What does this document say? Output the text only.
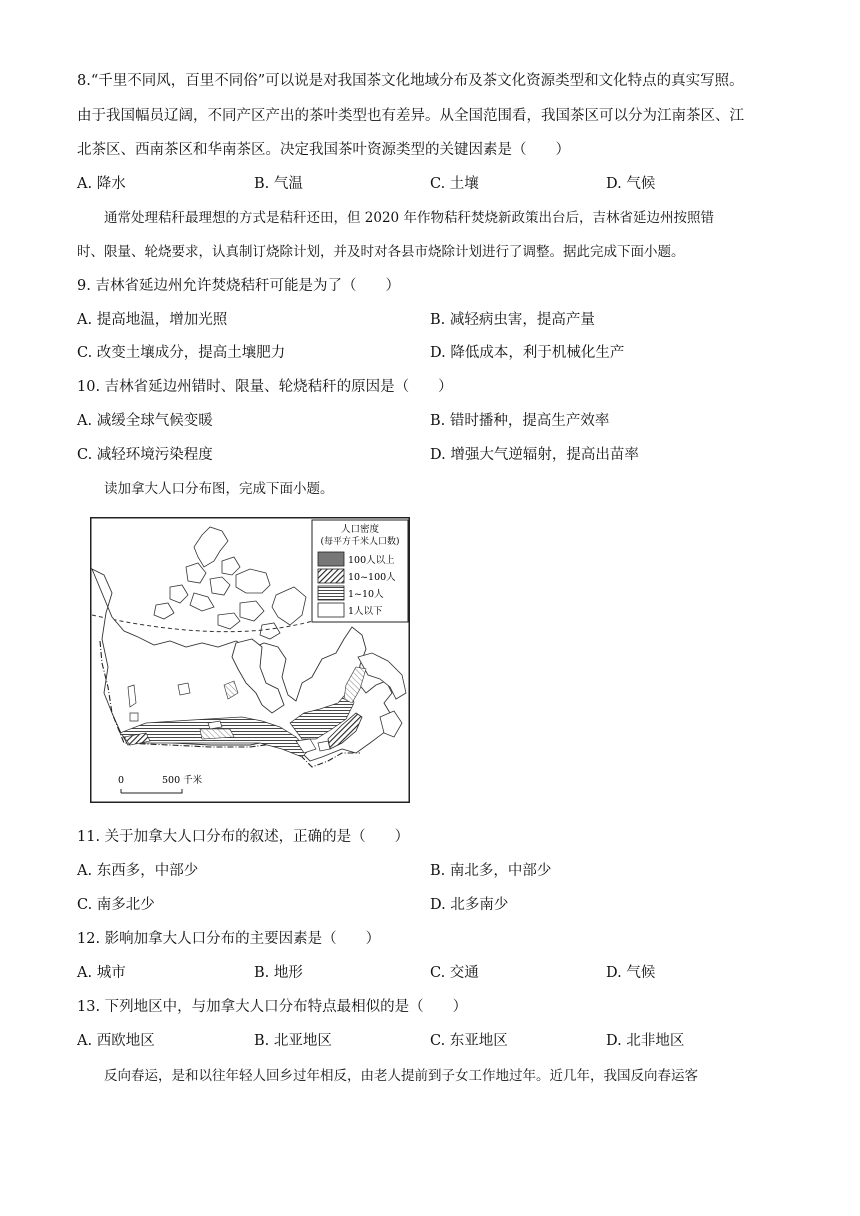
8.“千里不同风，百里不同俗”可以说是对我国茶文化地域分布及茶文化资源类型和文化特点的真实写照。
由于我国幅员辽阔，不同产区产出的茶叶类型也有差异。从全国范围看，我国茶区可以分为江南茶区、江
北茶区、西南茶区和华南茶区。决定我国茶叶资源类型的关键因素是（　　）
A. 降水	B. 气温	C. 土壤	D. 气候
通常处理秸秆最理想的方式是秸秆还田，但 2020 年作物秸秆焚烧新政策出台后，吉林省延边州按照错
时、限量、轮烧要求，认真制订烧除计划，并及时对各县市烧除计划进行了调整。据此完成下面小题。
9. 吉林省延边州允许焚烧秸秆可能是为了（　　）
A. 提高地温，增加光照	B. 减轻病虫害，提高产量
C. 改变土壤成分，提高土壤肥力	D. 降低成本，利于机械化生产
10. 吉林省延边州错时、限量、轮烧秸秆的原因是（　　）
A. 减缓全球气候变暖	B. 错时播种，提高生产效率
C. 减轻环境污染程度	D. 增强大气逆辐射，提高出苗率
读加拿大人口分布图，完成下面小题。
人口密度
(每平方千米人口数)
100人以上
10~100人
1~10人
1人以下
0	500 千米
11. 关于加拿大人口分布的叙述，正确的是（　　）
A. 东西多，中部少	B. 南北多，中部少
C. 南多北少	D. 北多南少
12. 影响加拿大人口分布的主要因素是（　　）
A. 城市	B. 地形	C. 交通	D. 气候
13. 下列地区中，与加拿大人口分布特点最相似的是（　　）
A. 西欧地区	B. 北亚地区	C. 东亚地区	D. 北非地区
反向春运，是和以往年轻人回乡过年相反，由老人提前到子女工作地过年。近几年，我国反向春运客
